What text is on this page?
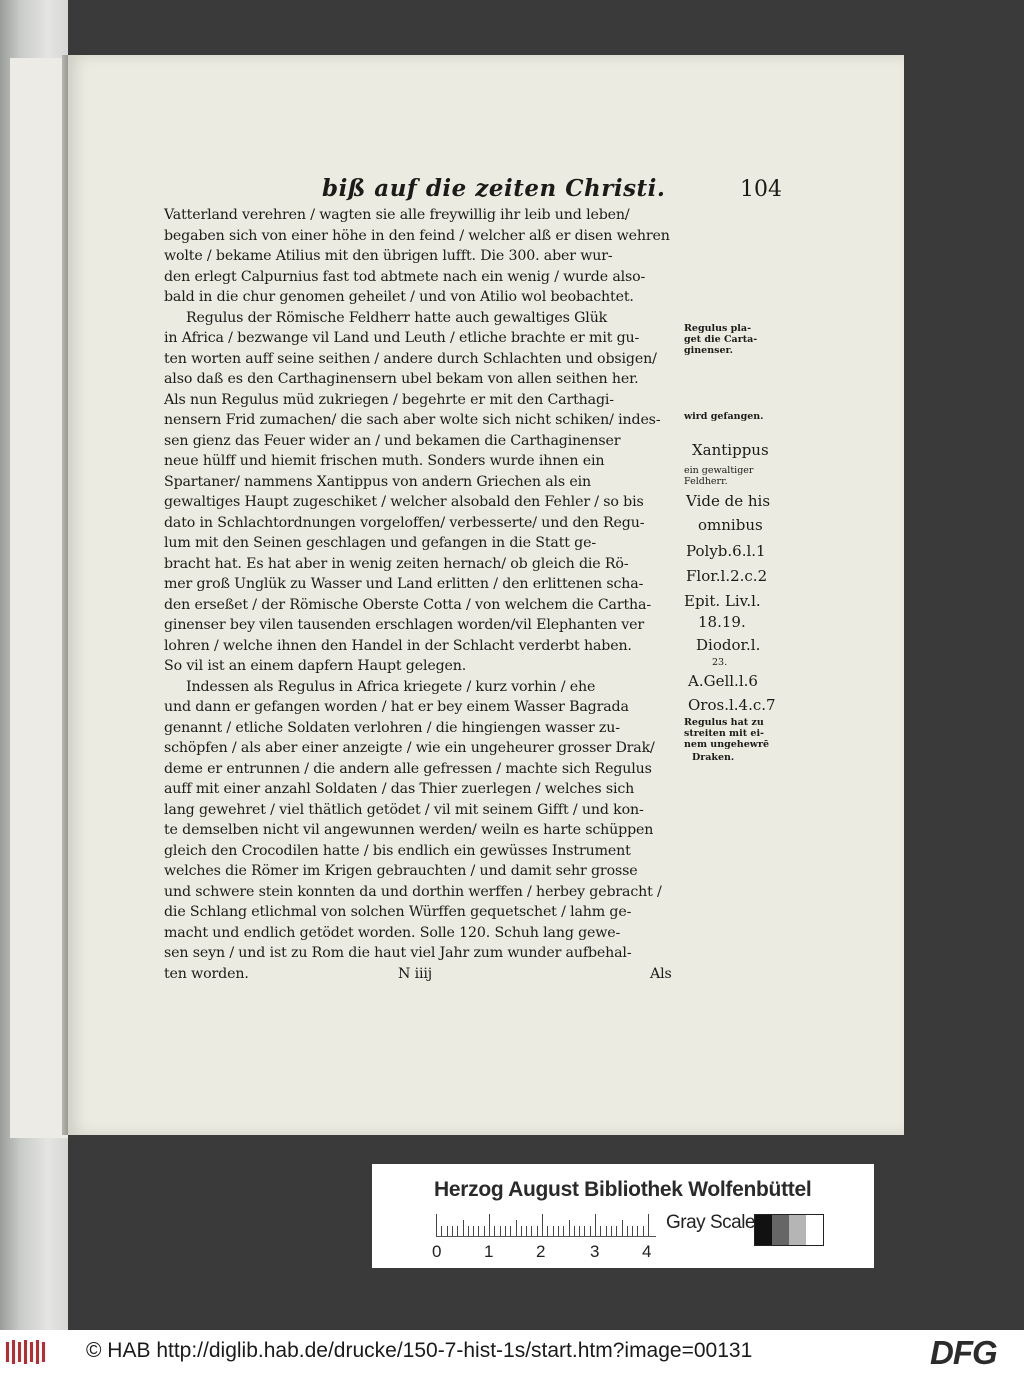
biß auf die zeiten Christi.	104
Vatterland verehren / wagten sie alle freywillig ihr leib und leben/
begaben sich von einer höhe in den feind / welcher alß er disen wehren
wolte / bekame Atilius mit den übrigen lufft. Die 300. aber wur-
den erlegt Calpurnius fast tod abtmete nach ein wenig / wurde also-
bald in die chur genomen geheilet / und von Atilio wol beobachtet.
Regulus der Römische Feldherr hatte auch gewaltiges Glük
in Africa / bezwange vil Land und Leuth / etliche brachte er mit gu-
ten worten auff seine seithen / andere durch Schlachten und obsigen/
also daß es den Carthaginensern ubel bekam von allen seithen her.
Als nun Regulus müd zukriegen / begehrte er mit den Carthagi-
nensern Frid zumachen/ die sach aber wolte sich nicht schiken/ indes-
sen gienz das Feuer wider an / und bekamen die Carthaginenser
neue hülff und hiemit frischen muth. Sonders wurde ihnen ein
Spartaner/ nammens Xantippus von andern Griechen als ein
gewaltiges Haupt zugeschiket / welcher alsobald den Fehler / so bis
dato in Schlachtordnungen vorgeloffen/ verbesserte/ und den Regu-
lum mit den Seinen geschlagen und gefangen in die Statt ge-
bracht hat. Es hat aber in wenig zeiten hernach/ ob gleich die Rö-
mer groß Unglük zu Wasser und Land erlitten / den erlittenen scha-
den erseßet / der Römische Oberste Cotta / von welchem die Cartha-
ginenser bey vilen tausenden erschlagen worden/vil Elephanten ver
lohren / welche ihnen den Handel in der Schlacht verderbt haben.
So vil ist an einem dapfern Haupt gelegen.
Indessen als Regulus in Africa kriegete / kurz vorhin / ehe
und dann er gefangen worden / hat er bey einem Wasser Bagrada
genannt / etliche Soldaten verlohren / die hingiengen wasser zu-
schöpfen / als aber einer anzeigte / wie ein ungeheurer grosser Drak/
deme er entrunnen / die andern alle gefressen / machte sich Regulus
auff mit einer anzahl Soldaten / das Thier zuerlegen / welches sich
lang gewehret / viel thätlich getödet / vil mit seinem Gifft / und kon-
te demselben nicht vil angewunnen werden/ weiln es harte schüppen
gleich den Crocodilen hatte / bis endlich ein gewüsses Instrument
welches die Römer im Krigen gebrauchten / und damit sehr grosse
und schwere stein konnten da und dorthin werffen / herbey gebracht /
die Schlang etlichmal von solchen Würffen gequetschet / lahm ge-
macht und endlich getödet worden. Solle 120. Schuh lang gewe-
sen seyn / und ist zu Rom die haut viel Jahr zum wunder aufbehal-
ten worden.	N iiij	Als
Regulus pla-
get die Carta-
ginenser.
wird gefangen.
Xantippus
ein gewaltiger
Feldherr.
Vide de his
omnibus
Polyb.6.l.1
Flor.l.2.c.2
Epit. Liv.l.
18.19.
Diodor.l.
23.
A.Gell.l.6
Oros.l.4.c.7
Regulus hat zu
streiten mit ei-
nem ungehewrē
Draken.
Herzog August Bibliothek Wolfenbüttel
0	1	2	3	4
Gray Scale
© HAB http://diglib.hab.de/drucke/150-7-hist-1s/start.htm?image=00131	DFG
